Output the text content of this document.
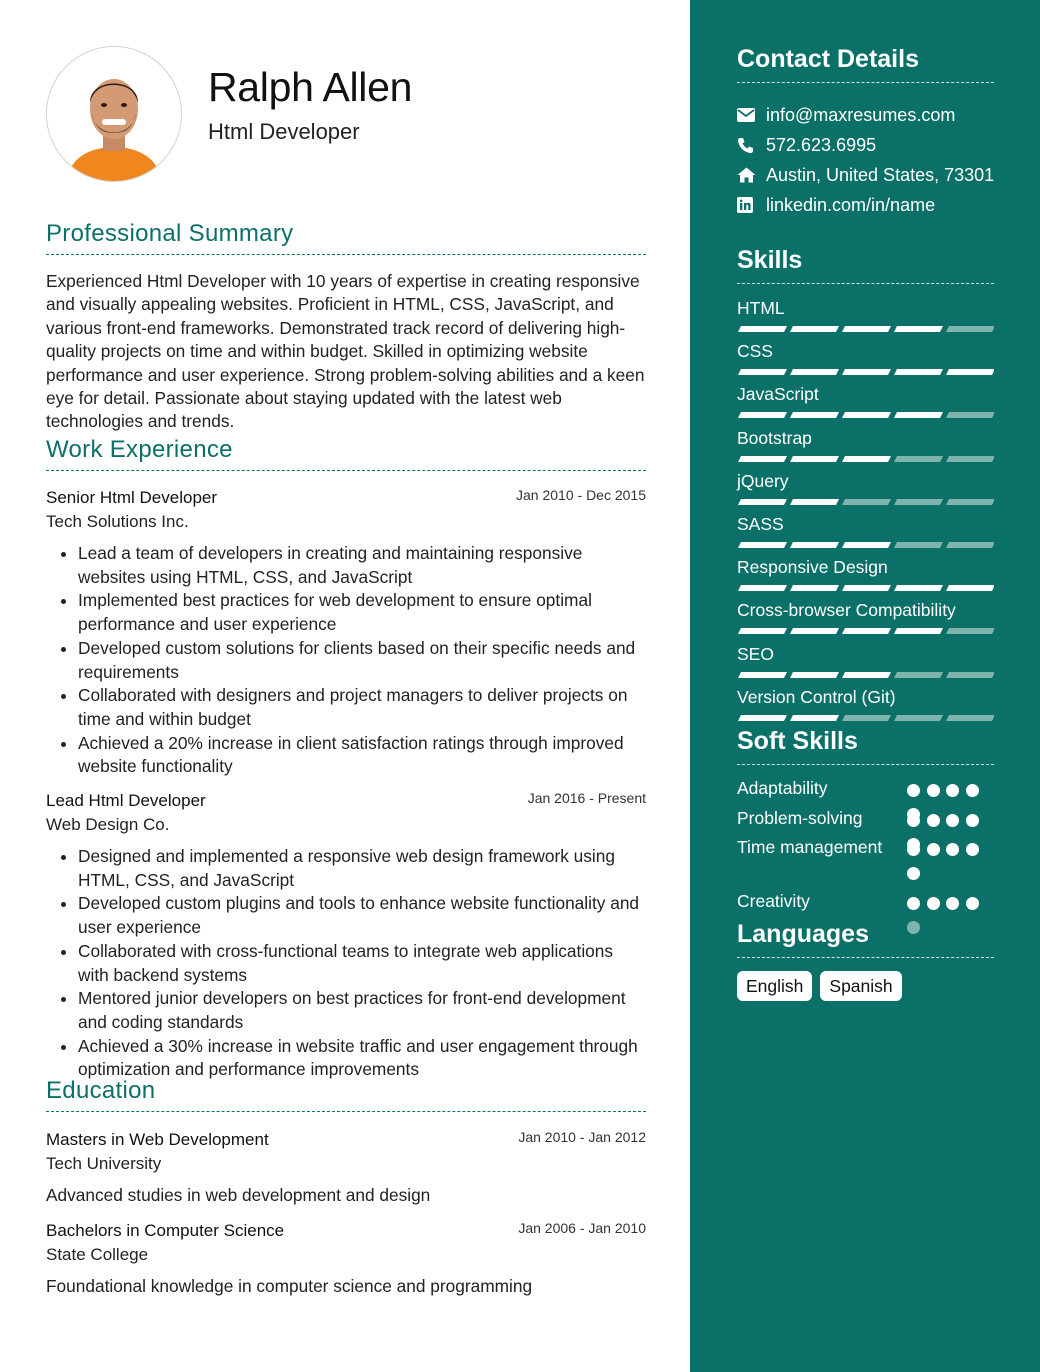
Ralph Allen
Html Developer
Professional Summary

Experienced Html Developer with 10 years of expertise in creating responsive and visually appealing websites. Proficient in HTML, CSS, JavaScript, and various front-end frameworks. Demonstrated track record of delivering high-quality projects on time and within budget. Skilled in optimizing website performance and user experience. Strong problem-solving abilities and a keen eye for detail. Passionate about staying updated with the latest web technologies and trends.

Work Experience
Senior Html Developer	Jan 2010 - Dec 2015
Tech Solutions Inc.
• Lead a team of developers in creating and maintaining responsive websites using HTML, CSS, and JavaScript
• Implemented best practices for web development to ensure optimal performance and user experience
• Developed custom solutions for clients based on their specific needs and requirements
• Collaborated with designers and project managers to deliver projects on time and within budget
• Achieved a 20% increase in client satisfaction ratings through improved website functionality
Lead Html Developer	Jan 2016 - Present
Web Design Co.
• Designed and implemented a responsive web design framework using HTML, CSS, and JavaScript
• Developed custom plugins and tools to enhance website functionality and user experience
• Collaborated with cross-functional teams to integrate web applications with backend systems
• Mentored junior developers on best practices for front-end development and coding standards
• Achieved a 30% increase in website traffic and user engagement through optimization and performance improvements
Education
Masters in Web Development	Jan 2010 - Jan 2012
Tech University
Advanced studies in web development and design
Bachelors in Computer Science	Jan 2006 - Jan 2010
State College
Foundational knowledge in computer science and programming
Contact Details
info@maxresumes.com
572.623.6995
Austin, United States, 73301
linkedin.com/in/name
Skills
HTML
CSS
JavaScript
Bootstrap
jQuery
SASS
Responsive Design
Cross-browser Compatibility
SEO
Version Control (Git)
Soft Skills
Adaptability
Problem-solving
Time management
Creativity
Languages
English	Spanish
